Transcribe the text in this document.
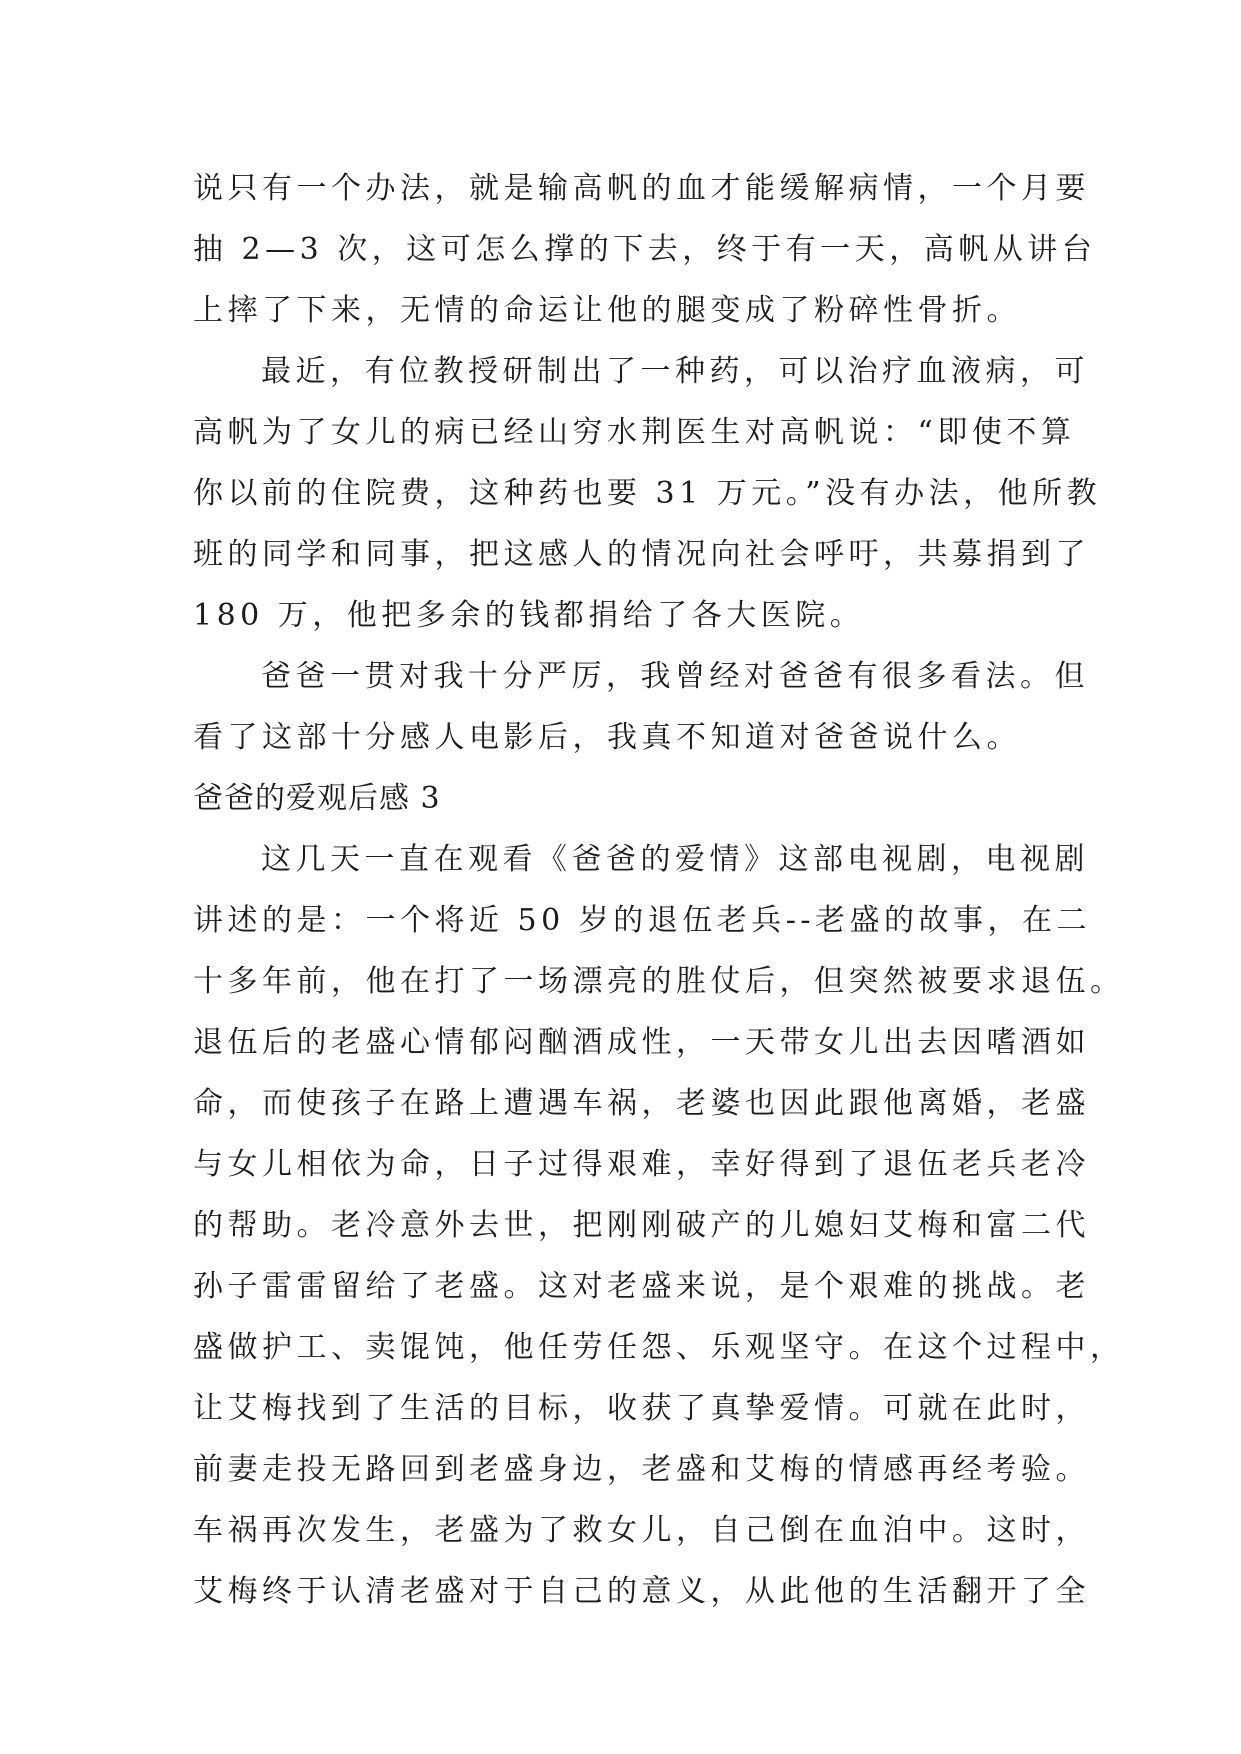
说只有一个办法，就是输高帆的血才能缓解病情，一个月要
抽 2—3 次，这可怎么撑的下去，终于有一天，高帆从讲台
上摔了下来，无情的命运让他的腿变成了粉碎性骨折。

最近，有位教授研制出了一种药，可以治疗血液病，可
高帆为了女儿的病已经山穷水荆医生对高帆说：“即使不算
你以前的住院费，这种药也要 31 万元。”没有办法，他所教
班的同学和同事，把这感人的情况向社会呼吁，共募捐到了
180 万，他把多余的钱都捐给了各大医院。

爸爸一贯对我十分严厉，我曾经对爸爸有很多看法。但
看了这部十分感人电影后，我真不知道对爸爸说什么。

爸爸的爱观后感 3

这几天一直在观看《爸爸的爱情》这部电视剧，电视剧
讲述的是：一个将近 50 岁的退伍老兵--老盛的故事，在二
十多年前，他在打了一场漂亮的胜仗后，但突然被要求退伍。
退伍后的老盛心情郁闷酗酒成性，一天带女儿出去因嗜酒如
命，而使孩子在路上遭遇车祸，老婆也因此跟他离婚，老盛
与女儿相依为命，日子过得艰难，幸好得到了退伍老兵老冷
的帮助。老冷意外去世，把刚刚破产的儿媳妇艾梅和富二代
孙子雷雷留给了老盛。这对老盛来说，是个艰难的挑战。老
盛做护工、卖馄饨，他任劳任怨、乐观坚守。在这个过程中，
让艾梅找到了生活的目标，收获了真挚爱情。可就在此时，
前妻走投无路回到老盛身边，老盛和艾梅的情感再经考验。
车祸再次发生，老盛为了救女儿，自己倒在血泊中。这时，
艾梅终于认清老盛对于自己的意义，从此他的生活翻开了全
